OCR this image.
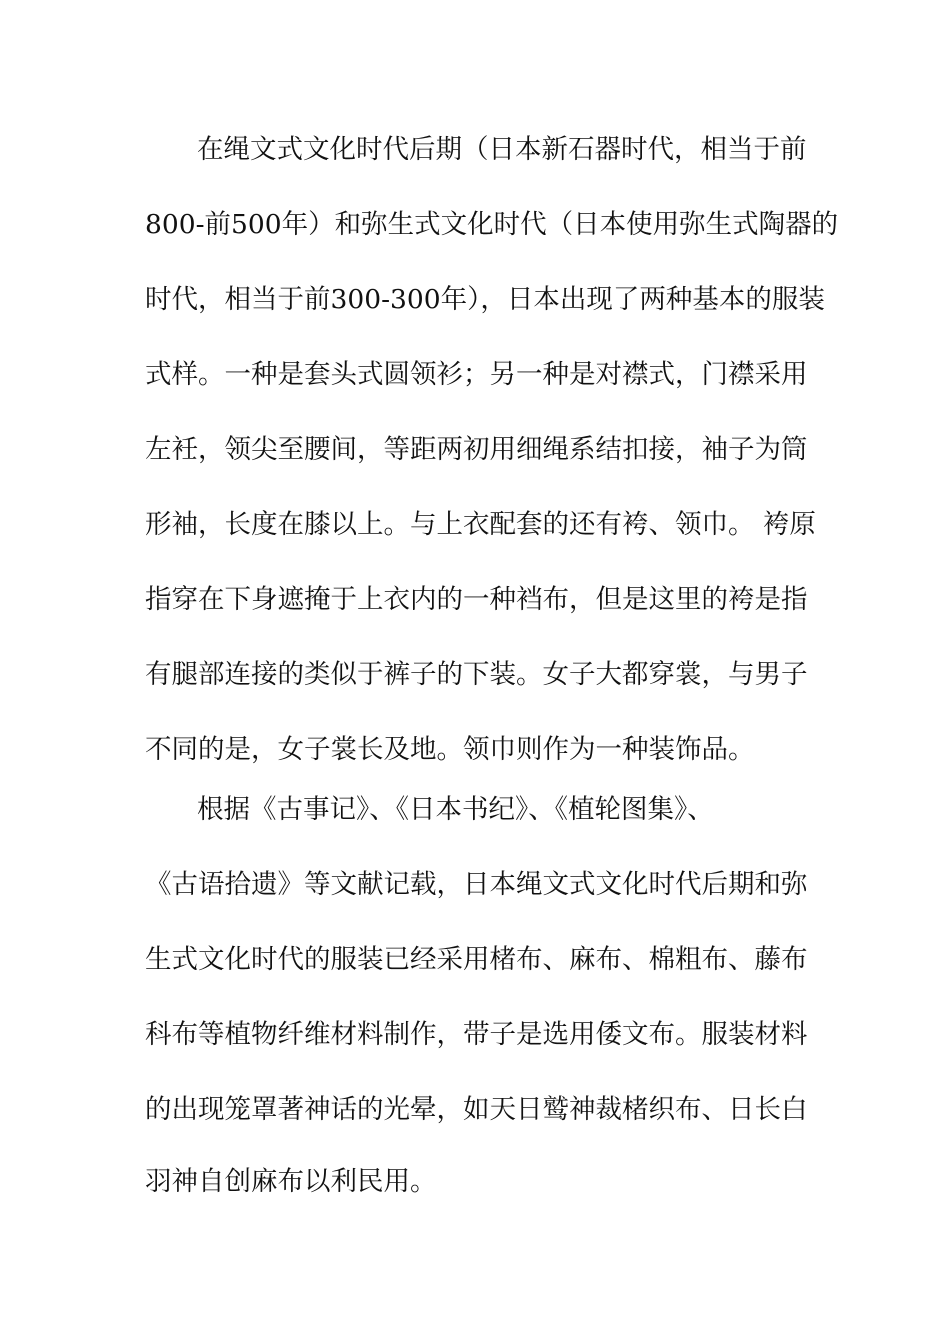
在绳文式文化时代后期（日本新石器时代，相当于前
800-前500年）和弥生式文化时代（日本使用弥生式陶器的
时代，相当于前300-300年），日本出现了两种基本的服装
式样。一种是套头式圆领衫；另一种是对襟式，门襟采用
左衽，领尖至腰间，等距两初用细绳系结扣接，袖子为筒
形袖，长度在膝以上。与上衣配套的还有袴、领巾。 袴原
指穿在下身遮掩于上衣内的一种裆布，但是这里的袴是指
有腿部连接的类似于裤子的下装。女子大都穿裳，与男子
不同的是，女子裳长及地。领巾则作为一种装饰品。
根据《古事记》、《日本书纪》、《植轮图集》、
《古语拾遗》等文献记载，日本绳文式文化时代后期和弥
生式文化时代的服装已经采用楮布、麻布、棉粗布、藤布
科布等植物纤维材料制作，带子是选用倭文布。服装材料
的出现笼罩著神话的光晕，如天日鹫神裁楮织布、日长白
羽神自创麻布以利民用。
